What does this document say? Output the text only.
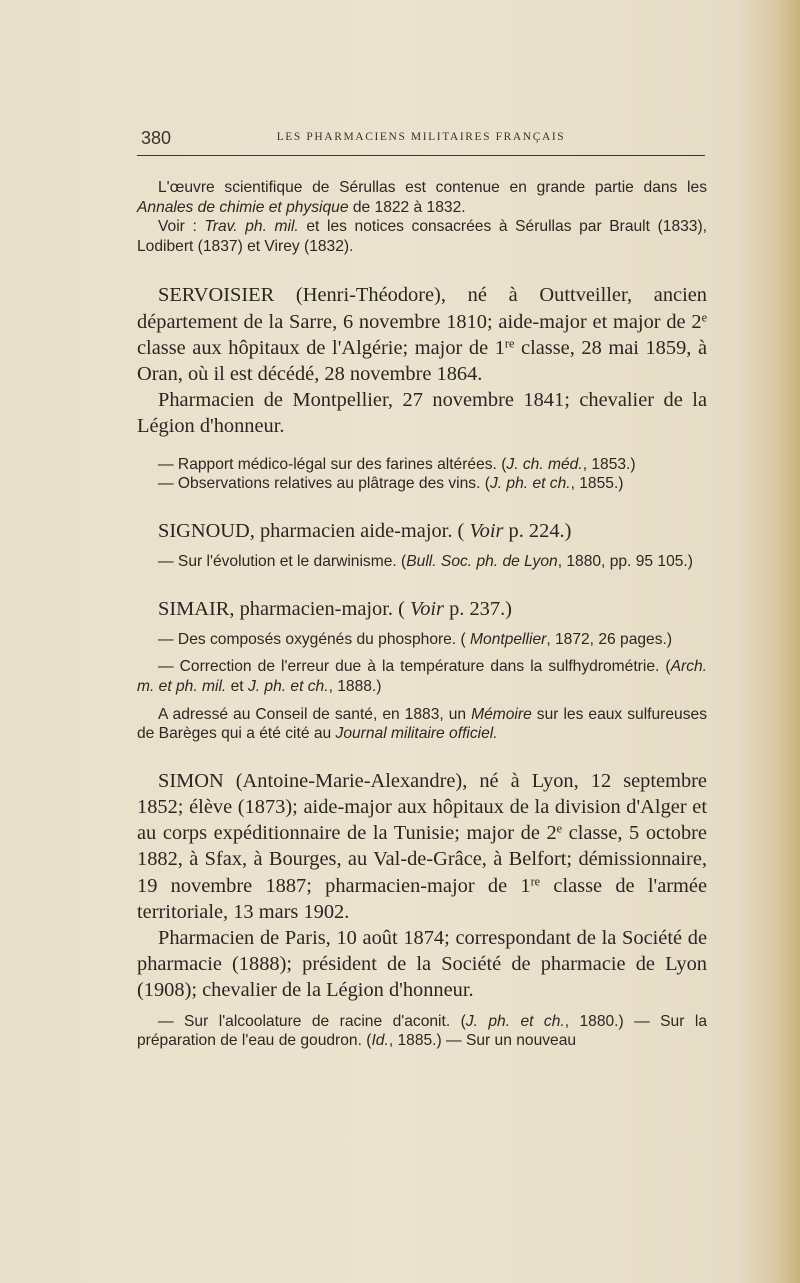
380	LES PHARMACIENS MILITAIRES FRANÇAIS

L'œuvre scientifique de Sérullas est contenue en grande partie dans les Annales de chimie et physique de 1822 à 1832.

Voir : Trav. ph. mil. et les notices consacrées à Sérullas par Brault (1833), Lodibert (1837) et Virey (1832).

SERVOISIER (Henri-Théodore), né à Outtveiller, ancien département de la Sarre, 6 novembre 1810; aide-major et major de 2e classe aux hôpitaux de l'Algérie; major de 1re classe, 28 mai 1859, à Oran, où il est décédé, 28 novembre 1864.

Pharmacien de Montpellier, 27 novembre 1841; chevalier de la Légion d'honneur.

— Rapport médico-légal sur des farines altérées. (J. ch. méd., 1853.)

— Observations relatives au plâtrage des vins. (J. ph. et ch., 1855.)

SIGNOUD, pharmacien aide-major. ( Voir p. 224.)

— Sur l'évolution et le darwinisme. (Bull. Soc. ph. de Lyon, 1880, pp. 95 105.)

SIMAIR, pharmacien-major. ( Voir p. 237.)

— Des composés oxygénés du phosphore. ( Montpellier, 1872, 26 pages.)

— Correction de l'erreur due à la température dans la sulfhydrométrie. (Arch. m. et ph. mil. et J. ph. et ch., 1888.)

A adressé au Conseil de santé, en 1883, un Mémoire sur les eaux sulfureuses de Barèges qui a été cité au Journal militaire officiel.

SIMON (Antoine-Marie-Alexandre), né à Lyon, 12 septembre 1852; élève (1873); aide-major aux hôpitaux de la division d'Alger et au corps expéditionnaire de la Tunisie; major de 2e classe, 5 octobre 1882, à Sfax, à Bourges, au Val-de-Grâce, à Belfort; démissionnaire, 19 novembre 1887; pharmacien-major de 1re classe de l'armée territoriale, 13 mars 1902.

Pharmacien de Paris, 10 août 1874; correspondant de la Société de pharmacie (1888); président de la Société de pharmacie de Lyon (1908); chevalier de la Légion d'honneur.

— Sur l'alcoolature de racine d'aconit. (J. ph. et ch., 1880.) — Sur la préparation de l'eau de goudron. (Id., 1885.) — Sur un nouveau
